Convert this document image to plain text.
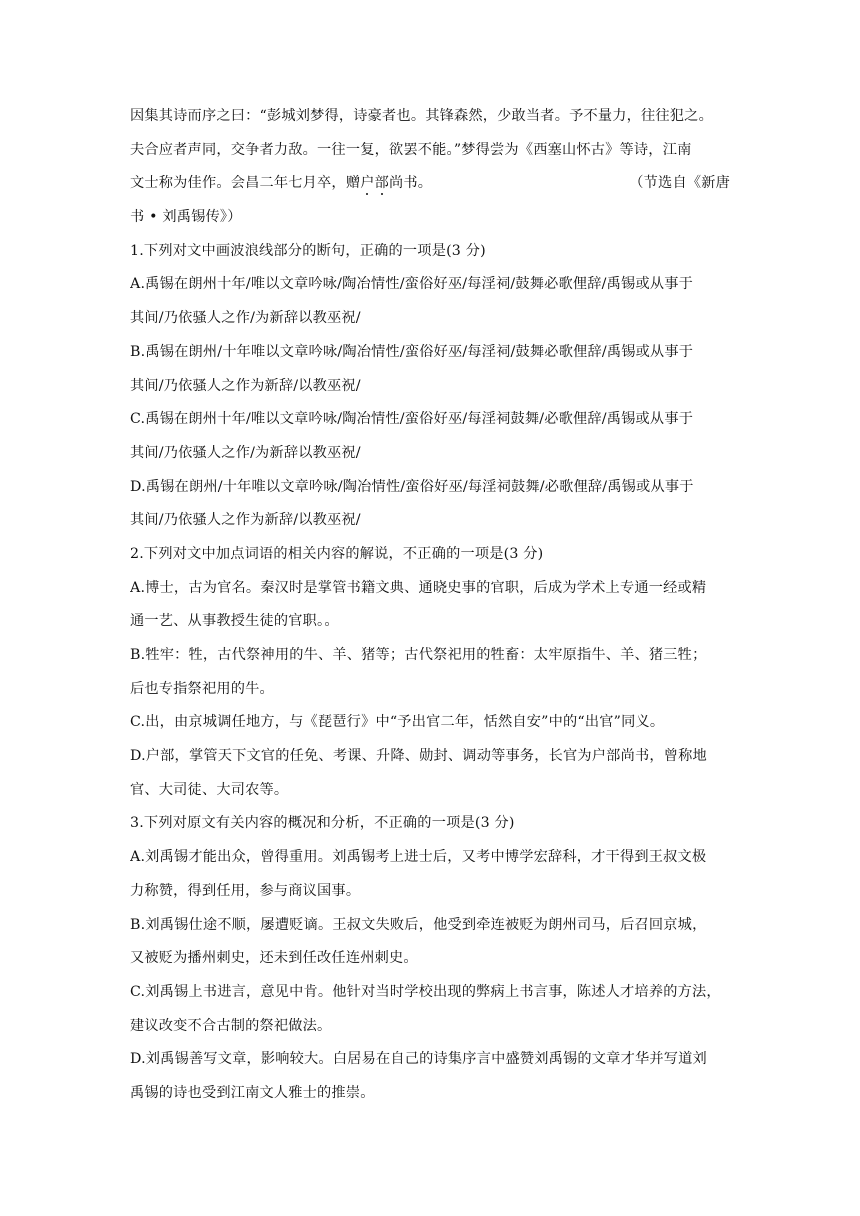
因集其诗而序之曰：“彭城刘梦得，诗豪者也。其锋森然，少敢当者。予不量力，往往犯之。
夫合应者声同，交争者力敌。一往一复，欲罢不能。”梦得尝为《西塞山怀古》等诗，江南
文士称为佳作。会昌二年七月卒，赠户部尚书。	（节选自《新唐
书 • 刘禹锡传》）
1.下列对文中画波浪线部分的断句，正确的一项是(3 分)
A.禹锡在朗州十年/唯以文章吟咏/陶冶情性/蛮俗好巫/每淫祠/鼓舞必歌俚辞/禹锡或从事于
其间/乃依骚人之作/为新辞以教巫祝/
B.禹锡在朗州/十年唯以文章吟咏/陶冶情性/蛮俗好巫/每淫祠/鼓舞必歌俚辞/禹锡或从事于
其间/乃依骚人之作为新辞/以教巫祝/
C.禹锡在朗州十年/唯以文章吟咏/陶冶情性/蛮俗好巫/每淫祠鼓舞/必歌俚辞/禹锡或从事于
其间/乃依骚人之作/为新辞以教巫祝/
D.禹锡在朗州/十年唯以文章吟咏/陶冶情性/蛮俗好巫/每淫祠鼓舞/必歌俚辞/禹锡或从事于
其间/乃依骚人之作为新辞/以教巫祝/
2.下列对文中加点词语的相关内容的解说，不正确的一项是(3 分)
A.博士，古为官名。秦汉时是掌管书籍文典、通晓史事的官职，后成为学术上专通一经或精
通一艺、从事教授生徒的官职。。
B.牲牢：牲，古代祭神用的牛、羊、猪等；古代祭祀用的牲畜：太牢原指牛、羊、猪三牲；
后也专指祭祀用的牛。
C.出，由京城调任地方，与《琵琶行》中“予出官二年，恬然自安”中的“出官”同义。
D.户部，掌管天下文官的任免、考课、升降、勋封、调动等事务，长官为户部尚书，曾称地
官、大司徒、大司农等。
3.下列对原文有关内容的概况和分析，不正确的一项是(3 分)
A.刘禹锡才能出众，曾得重用。刘禹锡考上进士后，又考中博学宏辞科，才干得到王叔文极
力称赞，得到任用，参与商议国事。
B.刘禹锡仕途不顺，屡遭贬谪。王叔文失败后，他受到牵连被贬为朗州司马，后召回京城，
又被贬为播州刺史，还未到任改任连州刺史。
C.刘禹锡上书进言，意见中肯。他针对当时学校出现的弊病上书言事，陈述人才培养的方法，
建议改变不合古制的祭祀做法。
D.刘禹锡善写文章，影响较大。白居易在自己的诗集序言中盛赞刘禹锡的文章才华并写道刘
禹锡的诗也受到江南文人雅士的推崇。
